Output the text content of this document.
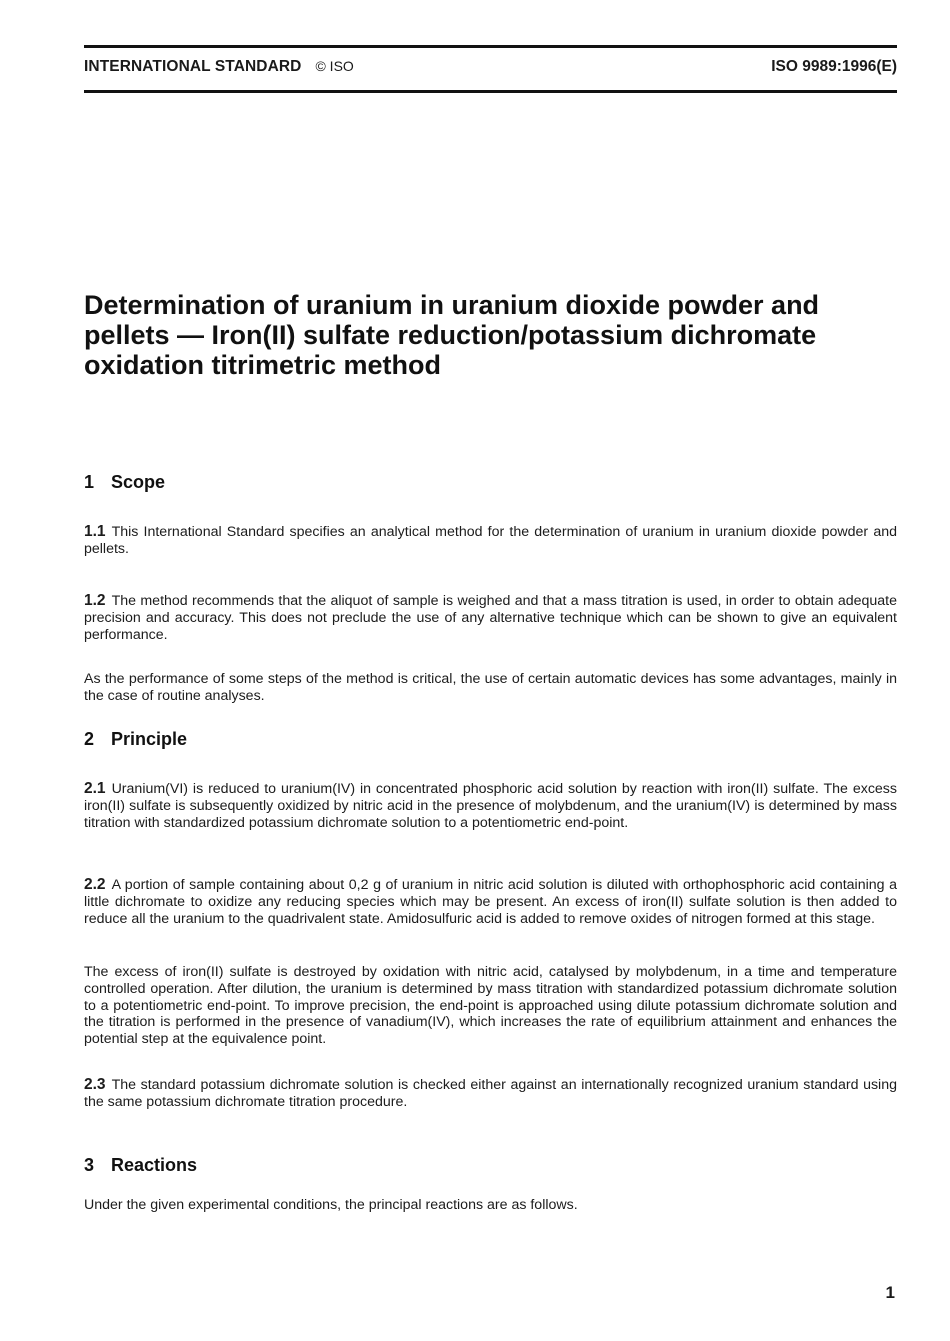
INTERNATIONAL STANDARD © ISO	ISO 9989:1996(E)
Determination of uranium in uranium dioxide powder and pellets — Iron(II) sulfate reduction/potassium dichromate oxidation titrimetric method
1 Scope

1.1 This International Standard specifies an analytical method for the determination of uranium in uranium dioxide powder and pellets.

1.2 The method recommends that the aliquot of sample is weighed and that a mass titration is used, in order to obtain adequate precision and accuracy. This does not preclude the use of any alternative technique which can be shown to give an equivalent performance.

As the performance of some steps of the method is critical, the use of certain automatic devices has some advantages, mainly in the case of routine analyses.

2 Principle

2.1 Uranium(VI) is reduced to uranium(IV) in concentrated phosphoric acid solution by reaction with iron(II) sulfate. The excess iron(II) sulfate is subsequently oxidized by nitric acid in the presence of molybdenum, and the uranium(IV) is determined by mass titration with standardized potassium dichromate solution to a potentiometric end-point.

2.2 A portion of sample containing about 0,2 g of uranium in nitric acid solution is diluted with orthophosphoric acid containing a little dichromate to oxidize any reducing species which may be present. An excess of iron(II) sulfate solution is then added to reduce all the uranium to the quadrivalent state. Amidosulfuric acid is added to remove oxides of nitrogen formed at this stage.

The excess of iron(II) sulfate is destroyed by oxidation with nitric acid, catalysed by molybdenum, in a time and temperature controlled operation. After dilution, the uranium is determined by mass titration with standardized potassium dichromate solution to a potentiometric end-point. To improve precision, the end-point is approached using dilute potassium dichromate solution and the titration is performed in the presence of vanadium(IV), which increases the rate of equilibrium attainment and enhances the potential step at the equivalence point.

2.3 The standard potassium dichromate solution is checked either against an internationally recognized uranium standard using the same potassium dichromate titration procedure.

3 Reactions

Under the given experimental conditions, the principal reactions are as follows.

1
